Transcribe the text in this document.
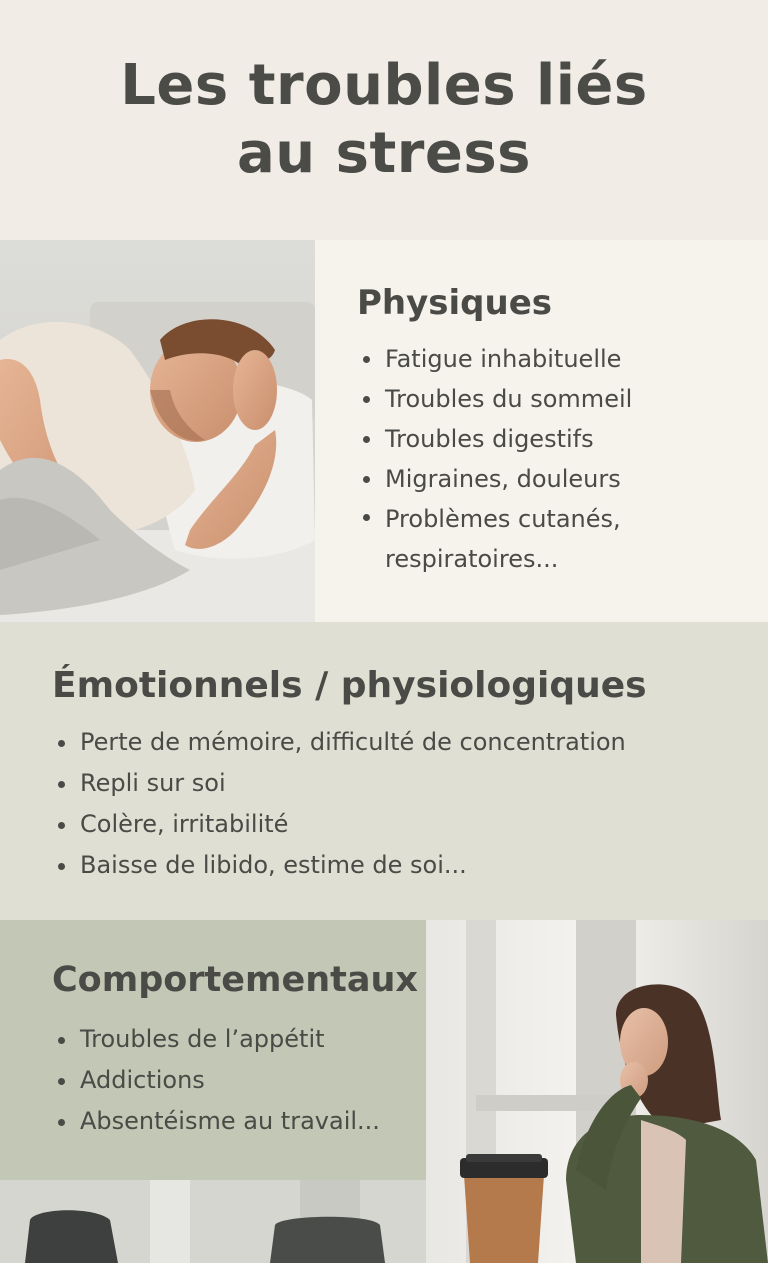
Les troubles liés
au stress
Physiques
Fatigue inhabituelle
Troubles du sommeil
Troubles digestifs
Migraines, douleurs
Problèmes cutanés, respiratoires...
Émotionnels / physiologiques
Perte de mémoire, difficulté de concentration
Repli sur soi
Colère, irritabilité
Baisse de libido, estime de soi...
Comportementaux
Troubles de l’appétit
Addictions
Absentéisme au travail...
